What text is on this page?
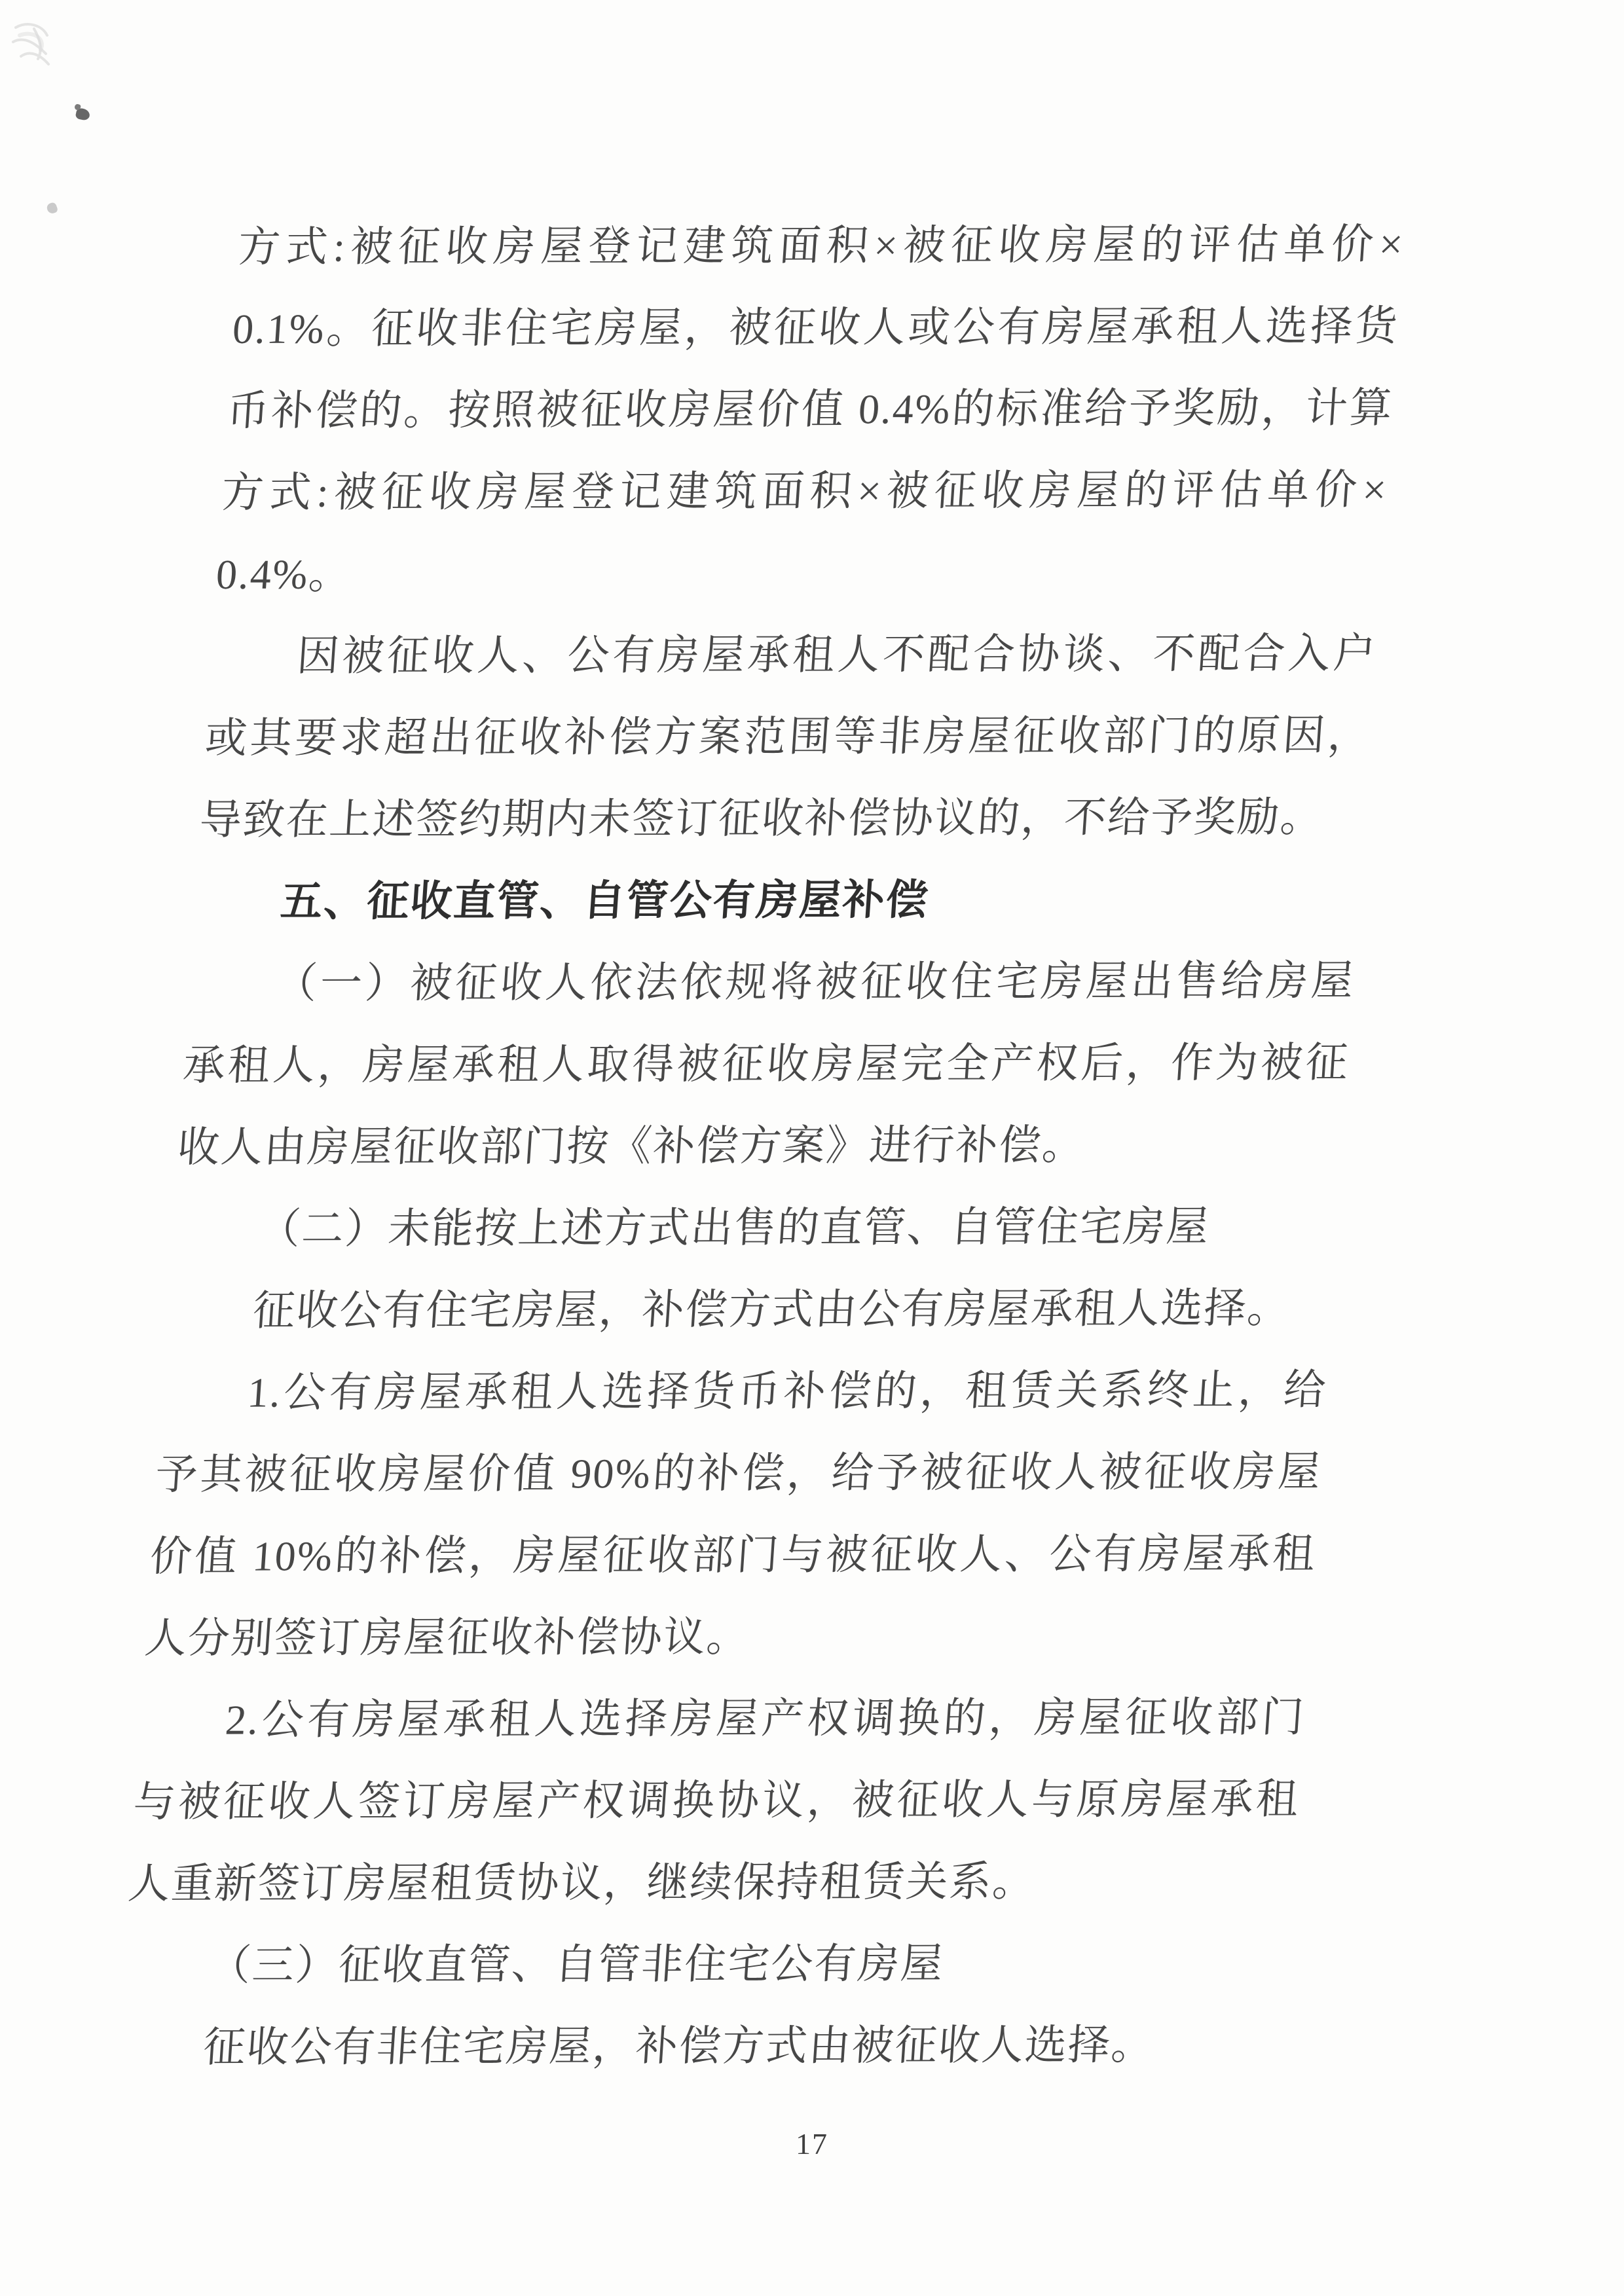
方式:被征收房屋登记建筑面积×被征收房屋的评估单价×
0.1%。征收非住宅房屋，被征收人或公有房屋承租人选择货
币补偿的。按照被征收房屋价值 0.4%的标准给予奖励，计算
方式:被征收房屋登记建筑面积×被征收房屋的评估单价×
0.4%。
因被征收人、公有房屋承租人不配合协谈、不配合入户
或其要求超出征收补偿方案范围等非房屋征收部门的原因，
导致在上述签约期内未签订征收补偿协议的，不给予奖励。
五、征收直管、自管公有房屋补偿
（一）被征收人依法依规将被征收住宅房屋出售给房屋
承租人，房屋承租人取得被征收房屋完全产权后，作为被征
收人由房屋征收部门按《补偿方案》进行补偿。
（二）未能按上述方式出售的直管、自管住宅房屋
征收公有住宅房屋，补偿方式由公有房屋承租人选择。
1.公有房屋承租人选择货币补偿的，租赁关系终止，给
予其被征收房屋价值 90%的补偿，给予被征收人被征收房屋
价值 10%的补偿，房屋征收部门与被征收人、公有房屋承租
人分别签订房屋征收补偿协议。
2.公有房屋承租人选择房屋产权调换的，房屋征收部门
与被征收人签订房屋产权调换协议，被征收人与原房屋承租
人重新签订房屋租赁协议，继续保持租赁关系。
（三）征收直管、自管非住宅公有房屋
征收公有非住宅房屋，补偿方式由被征收人选择。
17
